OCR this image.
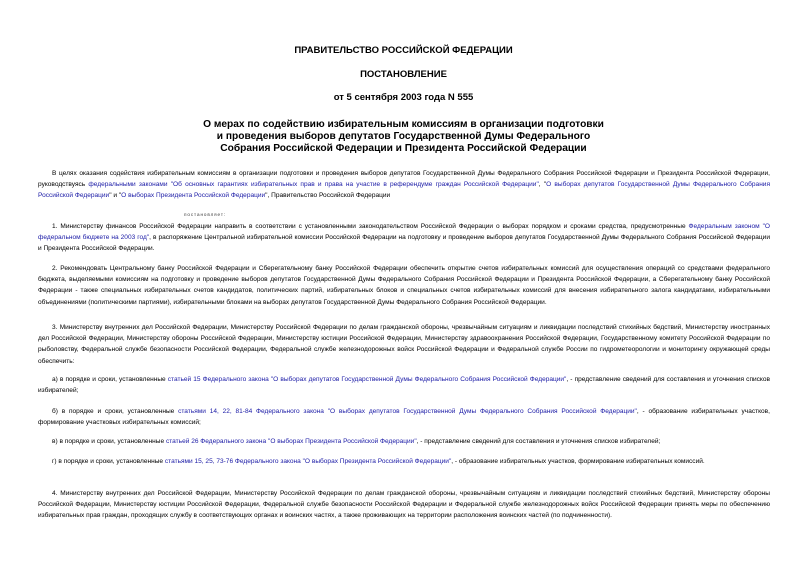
ПРАВИТЕЛЬСТВО РОССИЙСКОЙ ФЕДЕРАЦИИ
ПОСТАНОВЛЕНИЕ
от 5 сентября 2003 года N 555
О мерах по содействию избирательным комиссиям в организации подготовки
и проведения выборов депутатов Государственной Думы Федерального
Собрания Российской Федерации и Президента Российской Федерации
В целях оказания содействия избирательным комиссиям в организации подготовки и проведения выборов депутатов Государственной Думы Федерального Собрания Российской Федерации и Президента Российской Федерации, руководствуясь федеральными законами "Об основных гарантиях избирательных прав и права на участие в референдуме граждан Российской Федерации", "О выборах депутатов Государственной Думы Федерального Собрания Российской Федерации" и "О выборах Президента Российской Федерации", Правительство Российской Федерации
постановляет:
1. Министерству финансов Российской Федерации направить в соответствии с установленными законодательством Российской Федерации о выборах порядком и сроками средства, предусмотренные Федеральным законом "О федеральном бюджете на 2003 год", в распоряжение Центральной избирательной комиссии Российской Федерации на подготовку и проведение выборов депутатов Государственной Думы Федерального Собрания Российской Федерации и Президента Российской Федерации.
2. Рекомендовать Центральному банку Российской Федерации и Сберегательному банку Российской Федерации обеспечить открытие счетов избирательных комиссий для осуществления операций со средствами федерального бюджета, выделяемыми комиссиям на подготовку и проведение выборов депутатов Государственной Думы Федерального Собрания Российской Федерации и Президента Российской Федерации, а Сберегательному банку Российской Федерации - также специальных избирательных счетов кандидатов, политических партий, избирательных блоков и специальных счетов избирательных комиссий для внесения избирательного залога кандидатами, избирательными объединениями (политическими партиями), избирательными блоками на выборах депутатов Государственной Думы Федерального Собрания Российской Федерации.
3. Министерству внутренних дел Российской Федерации, Министерству Российской Федерации по делам гражданской обороны, чрезвычайным ситуациям и ликвидации последствий стихийных бедствий, Министерству иностранных дел Российской Федерации, Министерству обороны Российской Федерации, Министерству юстиции Российской Федерации, Министерству здравоохранения Российской Федерации, Государственному комитету Российской Федерации по рыболовству, Федеральной службе безопасности Российской Федерации, Федеральной службе железнодорожных войск Российской Федерации и Федеральной службе России по гидрометеорологии и мониторингу окружающей среды обеспечить:
а) в порядке и сроки, установленные статьей 15 Федерального закона "О выборах депутатов Государственной Думы Федерального Собрания Российской Федерации", - представление сведений для составления и уточнения списков избирателей;
б) в порядке и сроки, установленные статьями 14, 22, 81-84 Федерального закона "О выборах депутатов Государственной Думы Федерального Собрания Российской Федерации", - образование избирательных участков, формирование участковых избирательных комиссий;
в) в порядке и сроки, установленные статьей 26 Федерального закона "О выборах Президента Российской Федерации", - представление сведений для составления и уточнения списков избирателей;
г) в порядке и сроки, установленные статьями 15, 25, 73-76 Федерального закона "О выборах Президента Российской Федерации", - образование избирательных участков, формирование избирательных комиссий.
4. Министерству внутренних дел Российской Федерации, Министерству Российской Федерации по делам гражданской обороны, чрезвычайным ситуациям и ликвидации последствий стихийных бедствий, Министерству обороны Российской Федерации, Министерству юстиции Российской Федерации, Федеральной службе безопасности Российской Федерации и Федеральной службе железнодорожных войск Российской Федерации принять меры по обеспечению избирательных прав граждан, проходящих службу в соответствующих органах и воинских частях, а также проживающих на территории расположения воинских частей (по подчиненности).
